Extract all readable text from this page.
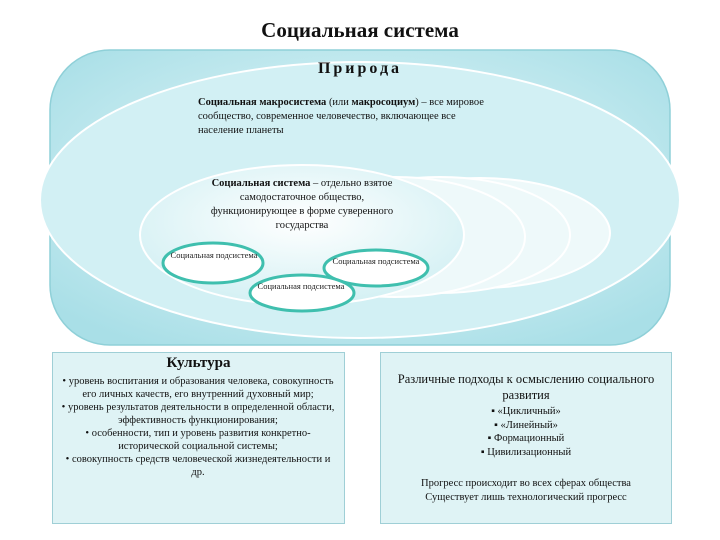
Социальная система
Природа
Социальная макросистема (или макросоциум) – все мировое сообщество, современное человечество, включающее все население планеты
Социальная система – отдельно взятое самодостаточное общество, функционирующее в форме суверенного государства
Социальная подсистема
Социальная подсистема
Социальная подсистема
Культура
• уровень воспитания и образования человека, совокупность его личных качеств, его внутренний духовный мир;
• уровень результатов деятельности в определенной области, эффективность функционирования;
• особенности, тип и уровень развития конкретно-исторической социальной системы;
• совокупность средств человеческой жизнедеятельности и др.
Различные подходы к осмыслению социального развития
▪ «Цикличный»
▪ «Линейный»
▪ Формационный
▪ Цивилизационный
Прогресс происходит во всех сферах общества
Существует лишь технологический прогресс
